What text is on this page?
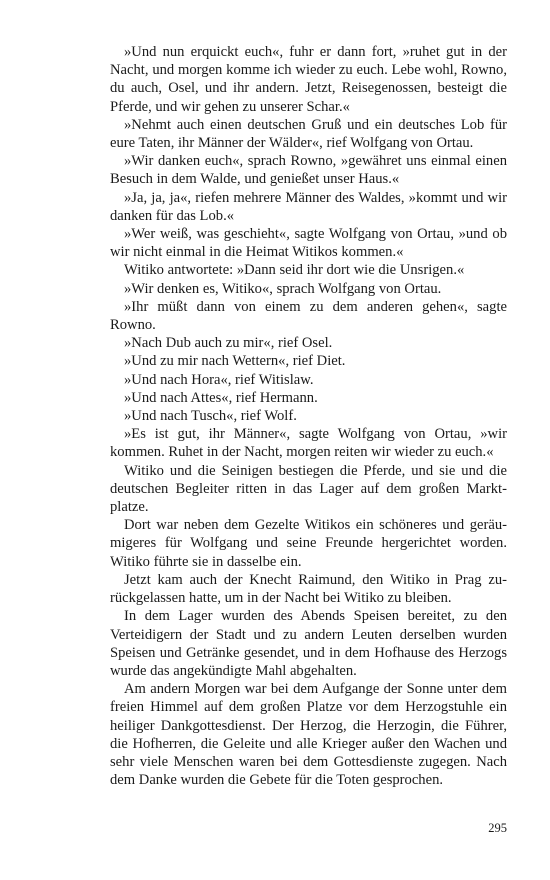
»Und nun erquickt euch«, fuhr er dann fort, »ruhet gut in der Nacht, und morgen komme ich wieder zu euch. Lebe wohl, Rowno, du auch, Osel, und ihr andern. Jetzt, Reisegenossen, besteigt die Pferde, und wir gehen zu unserer Schar.«

»Nehmt auch einen deutschen Gruß und ein deutsches Lob für eure Taten, ihr Männer der Wälder«, rief Wolfgang von Ortau.

»Wir danken euch«, sprach Rowno, »gewähret uns einmal einen Besuch in dem Walde, und genießet unser Haus.«

»Ja, ja, ja«, riefen mehrere Männer des Waldes, »kommt und wir danken für das Lob.«

»Wer weiß, was geschieht«, sagte Wolfgang von Ortau, »und ob wir nicht einmal in die Heimat Witikos kommen.«

Witiko antwortete: »Dann seid ihr dort wie die Unsrigen.«

»Wir denken es, Witiko«, sprach Wolfgang von Ortau.

»Ihr müßt dann von einem zu dem anderen gehen«, sagte Rowno.

»Nach Dub auch zu mir«, rief Osel.

»Und zu mir nach Wettern«, rief Diet.

»Und nach Hora«, rief Witislaw.

»Und nach Attes«, rief Hermann.

»Und nach Tusch«, rief Wolf.

»Es ist gut, ihr Männer«, sagte Wolfgang von Ortau, »wir kommen. Ruhet in der Nacht, morgen reiten wir wieder zu euch.«

Witiko und die Seinigen bestiegen die Pferde, und sie und die deutschen Begleiter ritten in das Lager auf dem großen Marktplatze.

Dort war neben dem Gezelte Witikos ein schöneres und geräumigeres für Wolfgang und seine Freunde hergerichtet worden. Witiko führte sie in dasselbe ein.

Jetzt kam auch der Knecht Raimund, den Witiko in Prag zurückgelassen hatte, um in der Nacht bei Witiko zu bleiben.

In dem Lager wurden des Abends Speisen bereitet, zu den Verteidigern der Stadt und zu andern Leuten derselben wurden Speisen und Getränke gesendet, und in dem Hofhause des Herzogs wurde das angekündigte Mahl abgehalten.

Am andern Morgen war bei dem Aufgange der Sonne unter dem freien Himmel auf dem großen Platze vor dem Herzogstuhle ein heiliger Dankgottesdienst. Der Herzog, die Herzogin, die Führer, die Hofherren, die Geleite und alle Krieger außer den Wachen und sehr viele Menschen waren bei dem Gottesdienste zugegen. Nach dem Danke wurden die Gebete für die Toten gesprochen.

295
